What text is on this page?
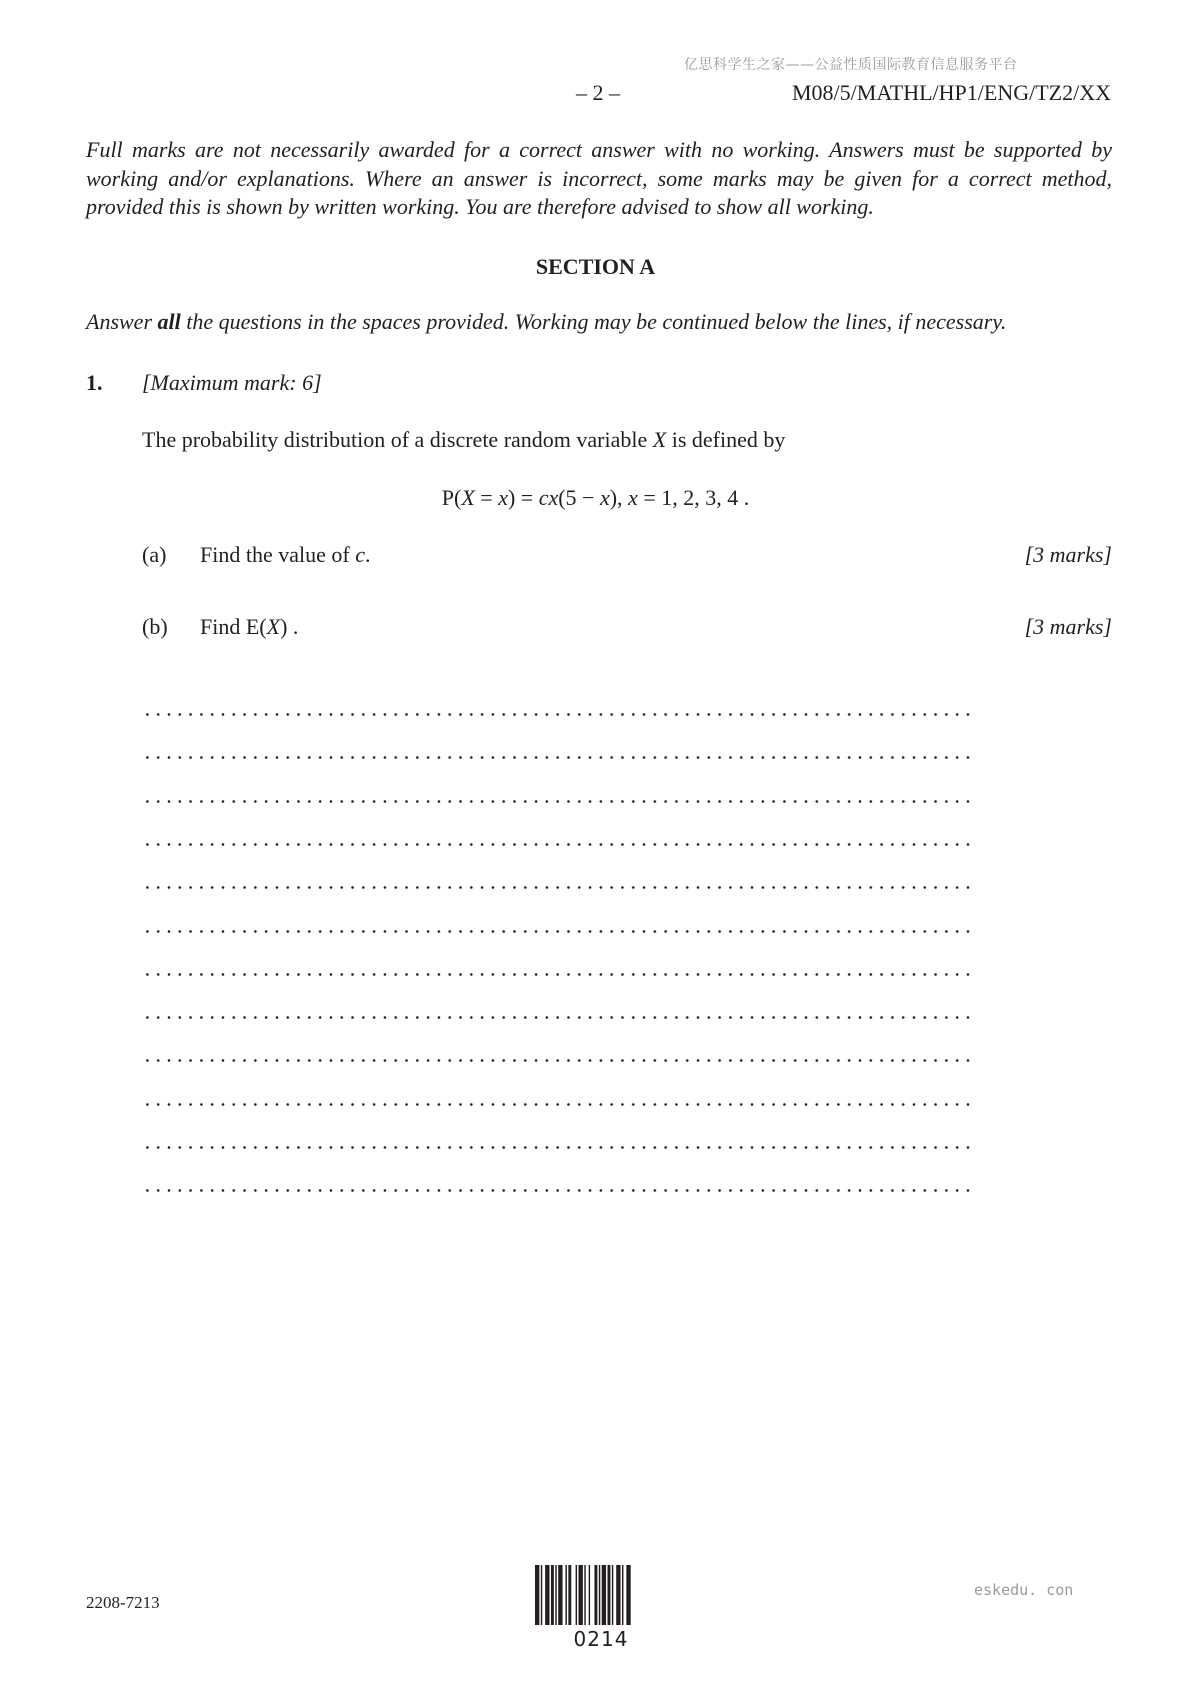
亿思科学生之家——公益性质国际教育信息服务平台
– 2 –	M08/5/MATHL/HP1/ENG/TZ2/XX
Full marks are not necessarily awarded for a correct answer with no working. Answers must be supported by working and/or explanations. Where an answer is incorrect, some marks may be given for a correct method, provided this is shown by written working. You are therefore advised to show all working.
SECTION A
Answer all the questions in the spaces provided. Working may be continued below the lines, if necessary.
1. [Maximum mark: 6]
The probability distribution of a discrete random variable X is defined by
P(X = x) = cx(5 − x), x = 1, 2, 3, 4 .
(a) Find the value of c.	[3 marks]
(b) Find E(X) .	[3 marks]
2208-7213
0214
eskedu. con
